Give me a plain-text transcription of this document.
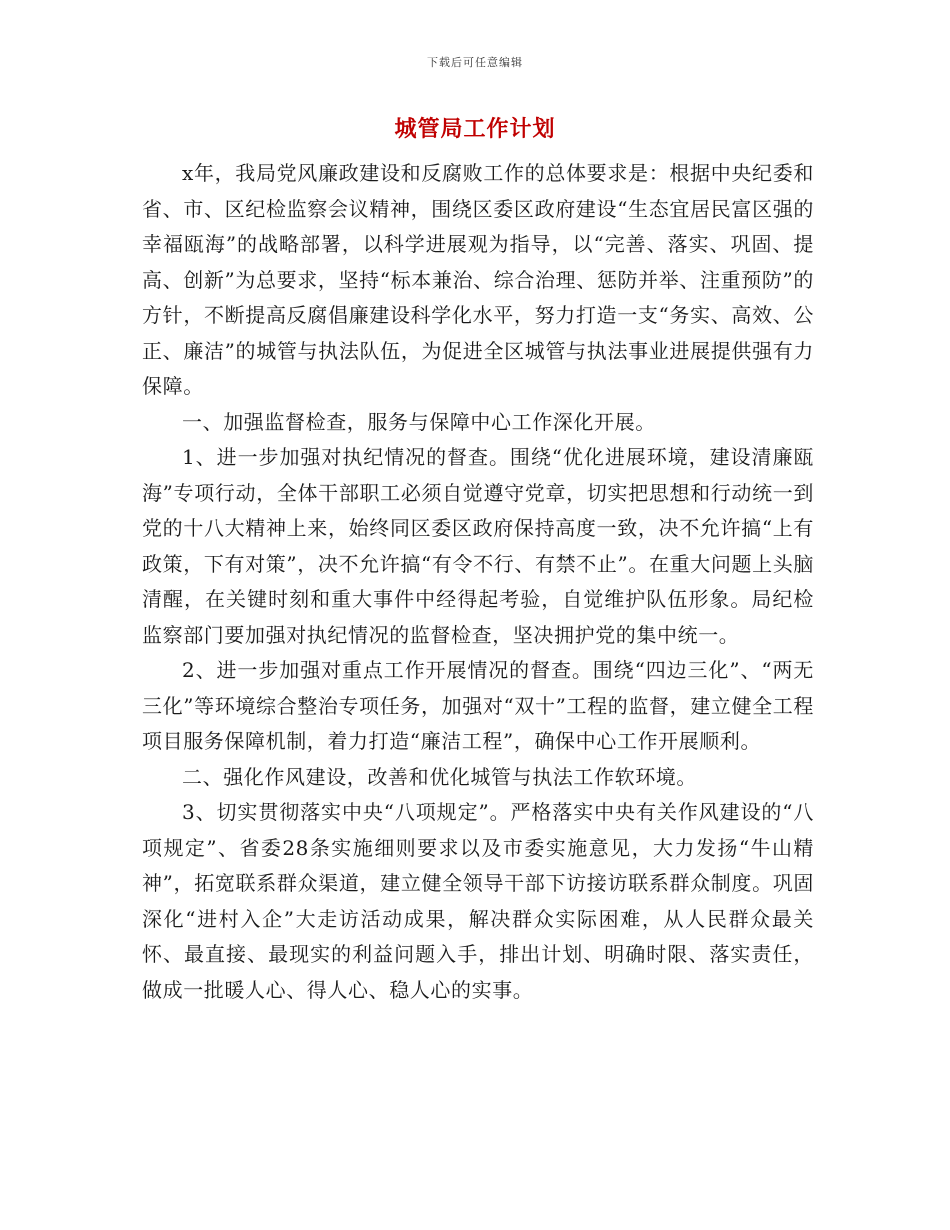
下载后可任意编辑
城管局工作计划

x年，我局党风廉政建设和反腐败工作的总体要求是：根据中央纪委和省、市、区纪检监察会议精神，围绕区委区政府建设“生态宜居民富区强的幸福瓯海”的战略部署，以科学进展观为指导，以“完善、落实、巩固、提高、创新”为总要求，坚持“标本兼治、综合治理、惩防并举、注重预防”的方针，不断提高反腐倡廉建设科学化水平，努力打造一支“务实、高效、公正、廉洁”的城管与执法队伍，为促进全区城管与执法事业进展提供强有力保障。

一、加强监督检查，服务与保障中心工作深化开展。

1、进一步加强对执纪情况的督查。围绕“优化进展环境，建设清廉瓯海”专项行动，全体干部职工必须自觉遵守党章，切实把思想和行动统一到党的十八大精神上来，始终同区委区政府保持高度一致，决不允许搞“上有政策，下有对策”，决不允许搞“有令不行、有禁不止”。在重大问题上头脑清醒，在关键时刻和重大事件中经得起考验，自觉维护队伍形象。局纪检监察部门要加强对执纪情况的监督检查，坚决拥护党的集中统一。

2、进一步加强对重点工作开展情况的督查。围绕“四边三化”、“两无三化”等环境综合整治专项任务，加强对“双十”工程的监督，建立健全工程项目服务保障机制，着力打造“廉洁工程”，确保中心工作开展顺利。

二、强化作风建设，改善和优化城管与执法工作软环境。

3、切实贯彻落实中央“八项规定”。严格落实中央有关作风建设的“八项规定”、省委28条实施细则要求以及市委实施意见，大力发扬“牛山精神”，拓宽联系群众渠道，建立健全领导干部下访接访联系群众制度。巩固深化“进村入企”大走访活动成果，解决群众实际困难，从人民群众最关怀、最直接、最现实的利益问题入手，排出计划、明确时限、落实责任，做成一批暖人心、得人心、稳人心的实事。
